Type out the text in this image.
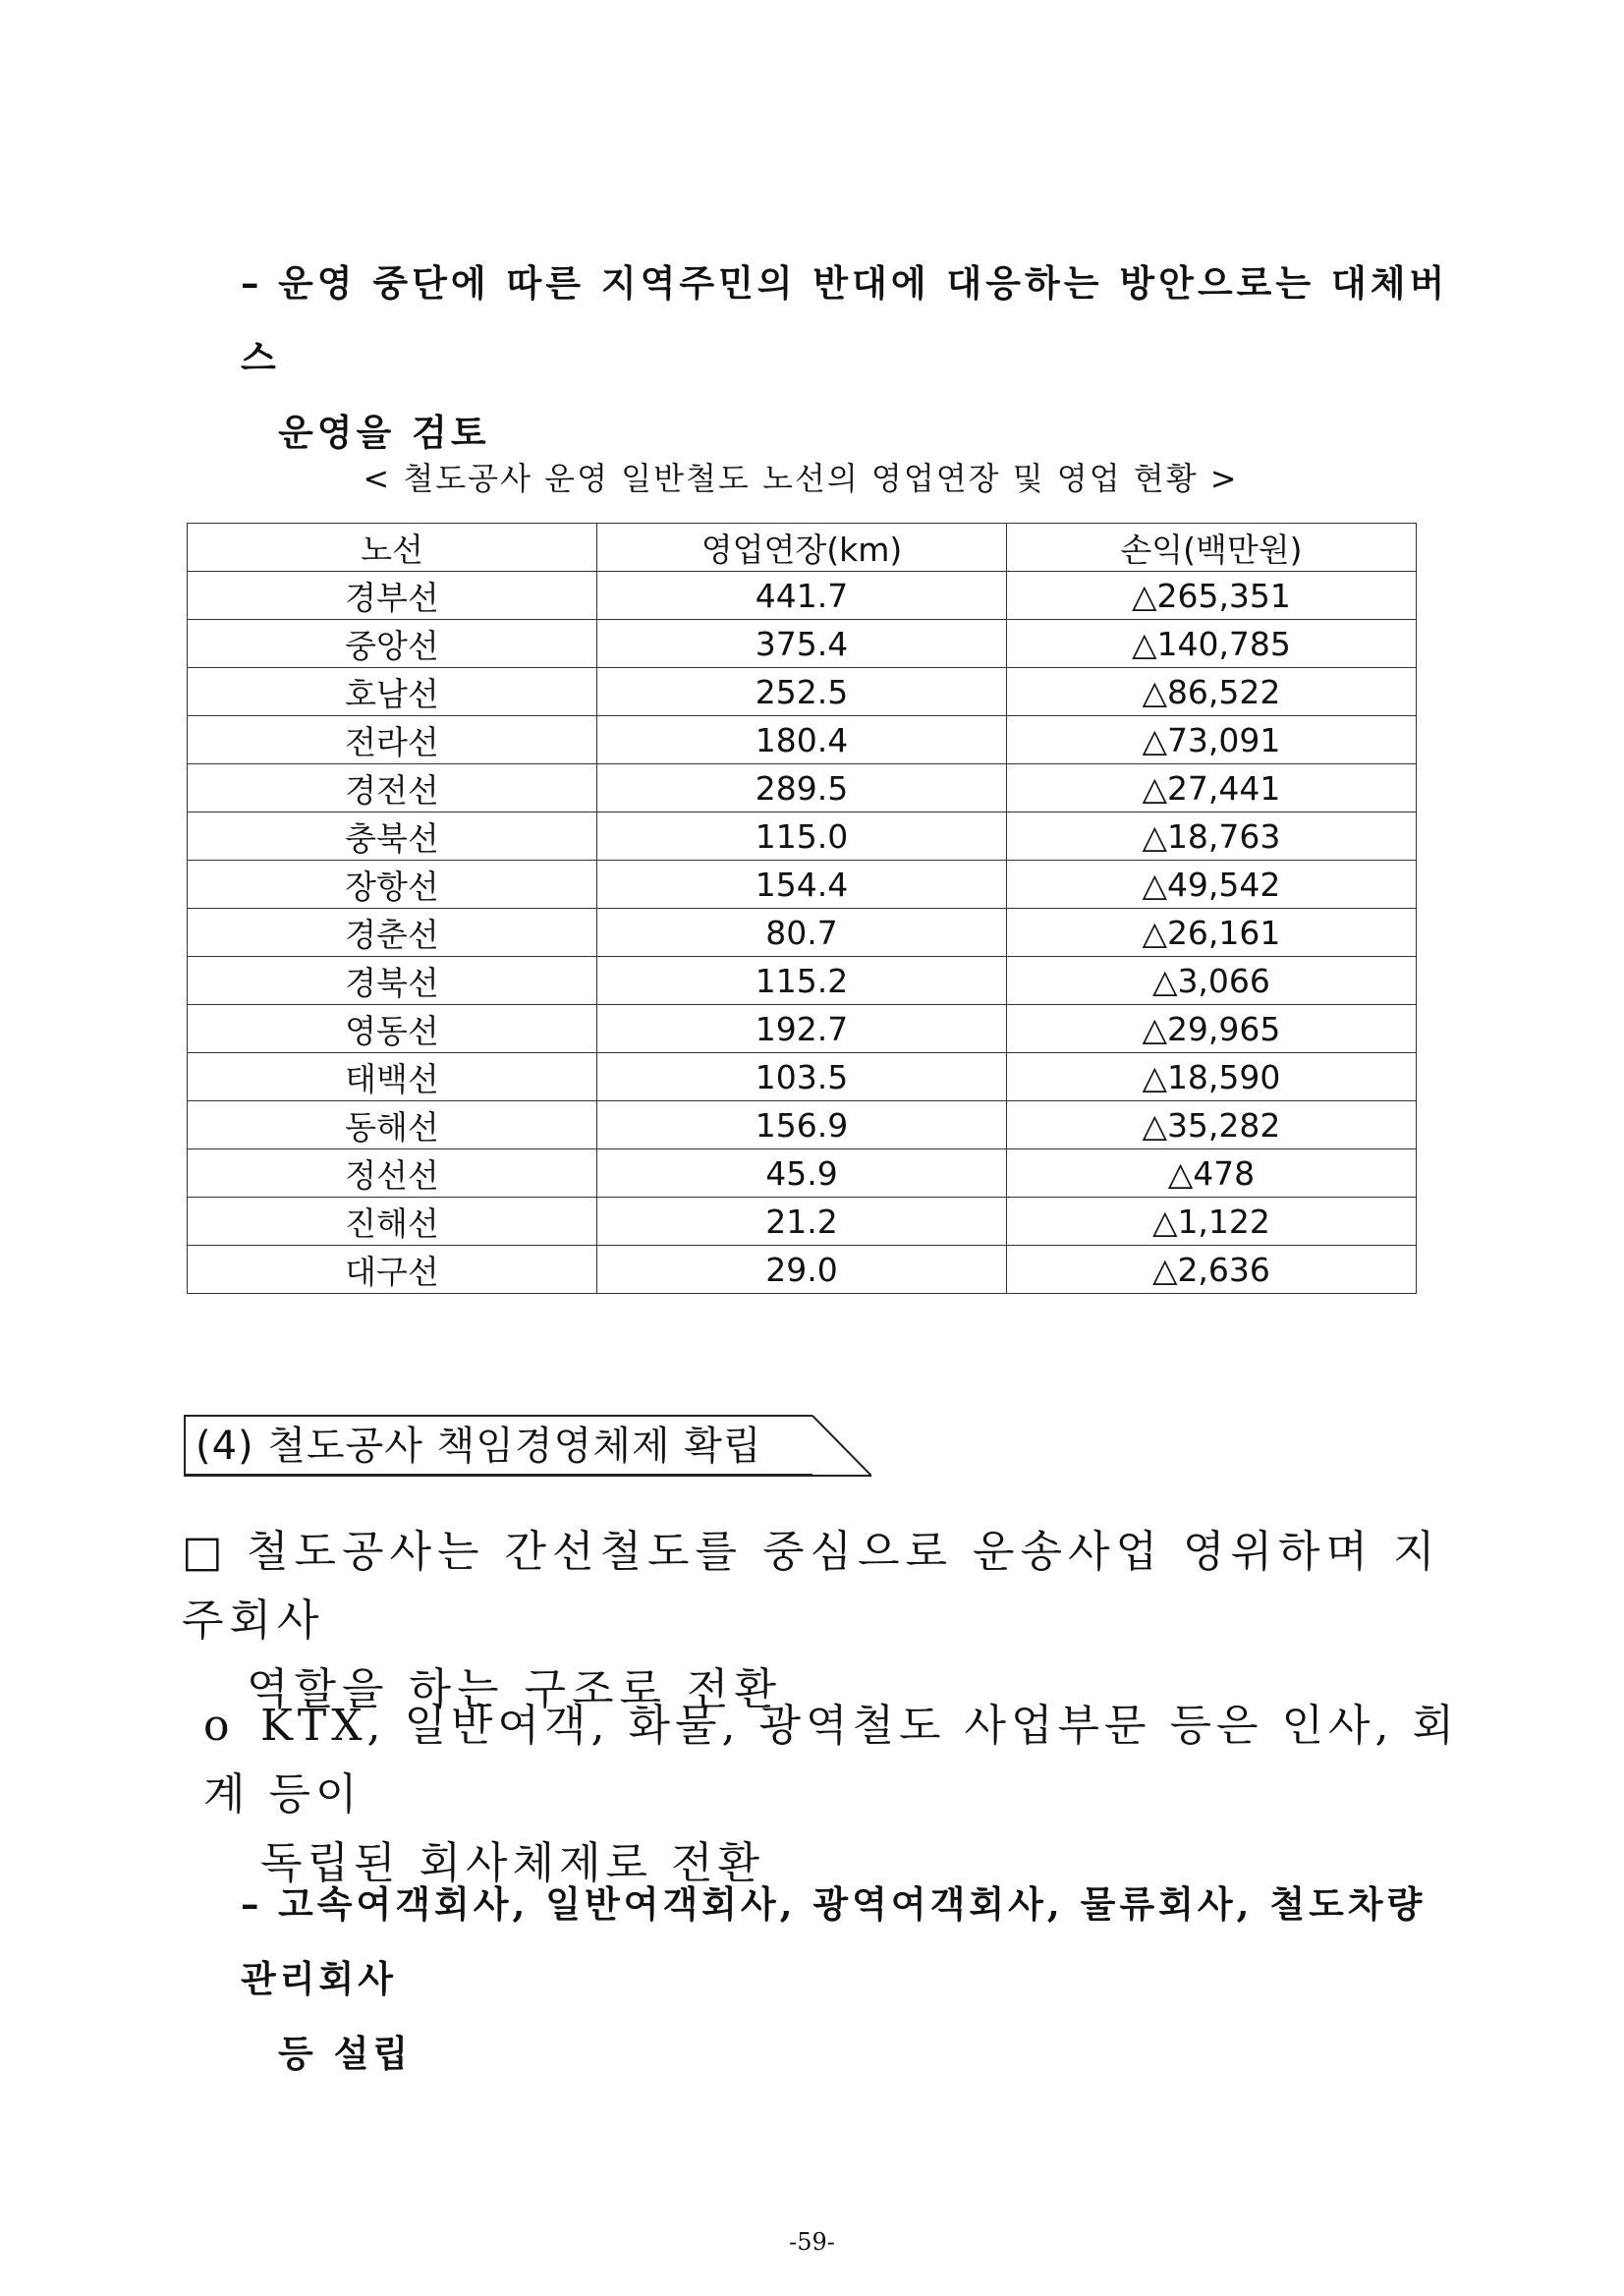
– 운영 중단에 따른 지역주민의 반대에 대응하는 방안으로는 대체버스
운영을 검토
< 철도공사 운영 일반철도 노선의 영업연장 및 영업 현황 >
노선	영업연장(km)	손익(백만원)
경부선	441.7	△265,351
중앙선	375.4	△140,785
호남선	252.5	△86,522
전라선	180.4	△73,091
경전선	289.5	△27,441
충북선	115.0	△18,763
장항선	154.4	△49,542
경춘선	80.7	△26,161
경북선	115.2	△3,066
영동선	192.7	△29,965
태백선	103.5	△18,590
동해선	156.9	△35,282
정선선	45.9	△478
진해선	21.2	△1,122
대구선	29.0	△2,636
(4) 철도공사 책임경영체제 확립
□ 철도공사는 간선철도를 중심으로 운송사업 영위하며 지주회사
역할을 하는 구조로 전환
o KTX, 일반여객, 화물, 광역철도 사업부문 등은 인사, 회계 등이
독립된 회사체제로 전환
– 고속여객회사, 일반여객회사, 광역여객회사, 물류회사, 철도차량관리회사
등 설립
-59-
